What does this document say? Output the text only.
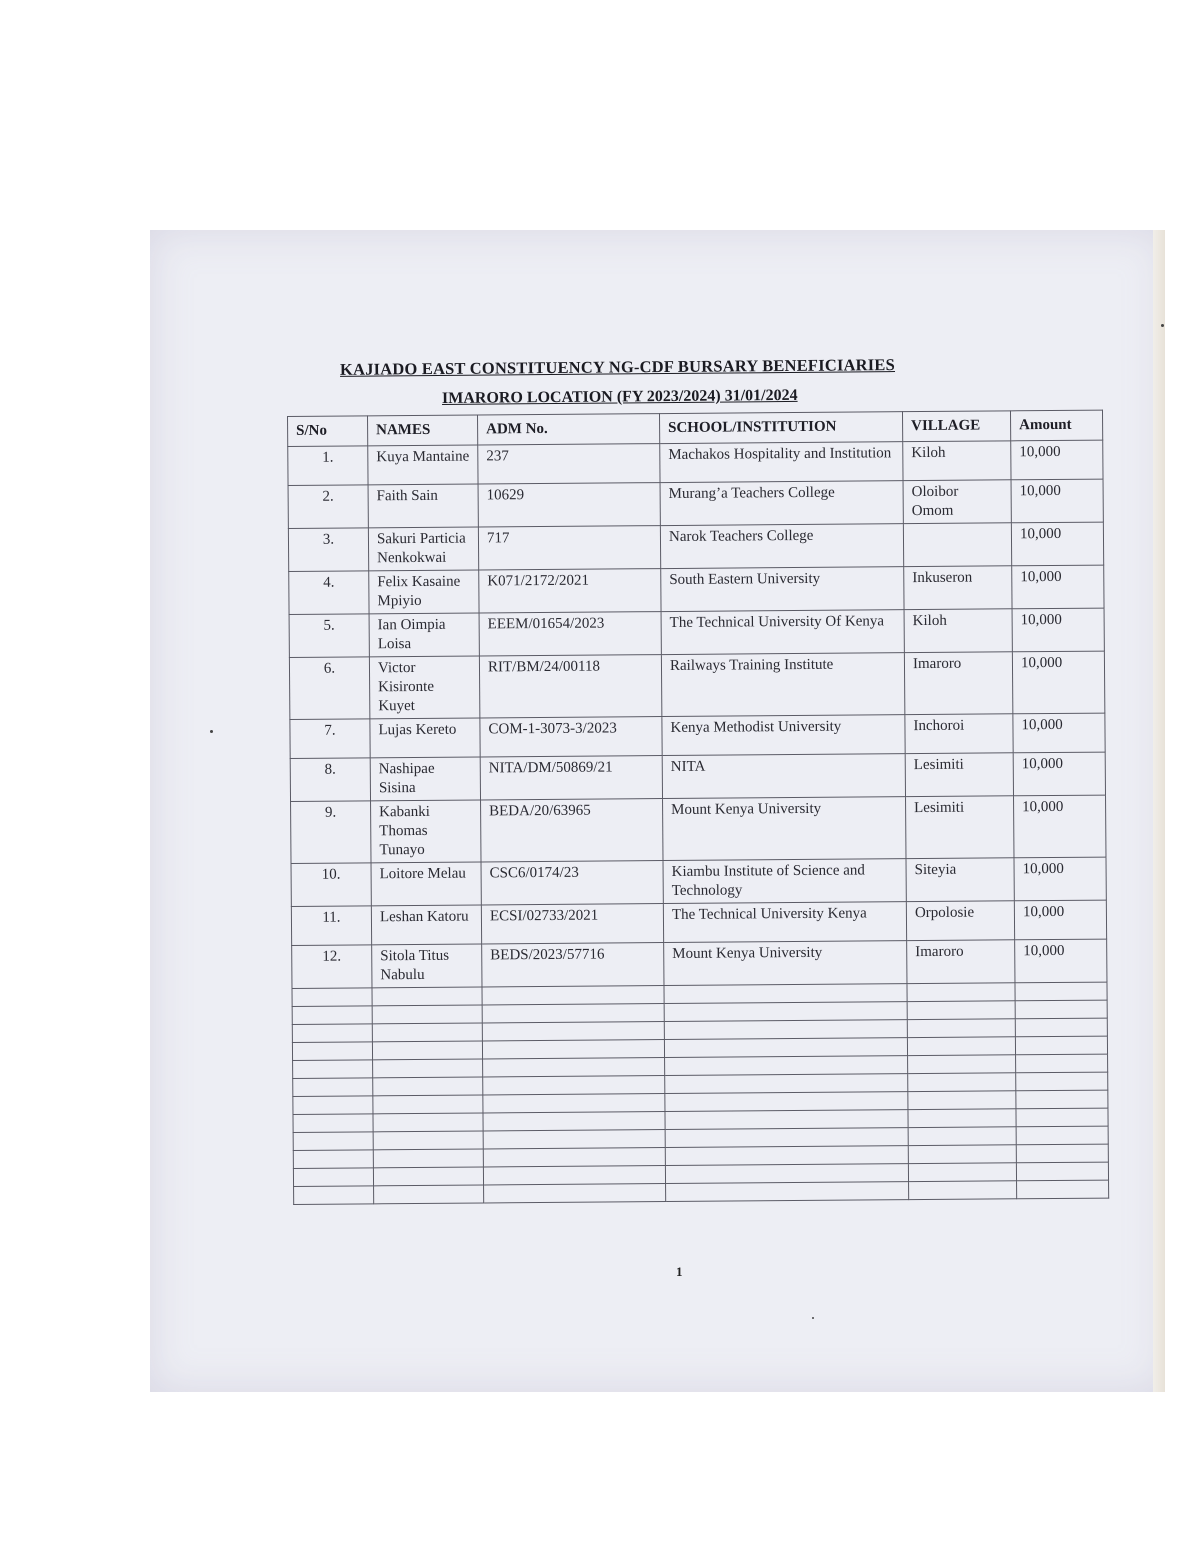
KAJIADO EAST CONSTITUENCY NG-CDF BURSARY BENEFICIARIES
IMARORO LOCATION (FY 2023/2024) 31/01/2024
S/No	NAMES	ADM No.	SCHOOL/INSTITUTION	VILLAGE	Amount
1.	Kuya Mantaine	237	Machakos Hospitality and Institution	Kiloh	10,000
2.	Faith Sain	10629	Murang’a Teachers College	Oloibor Omom	10,000
3.	Sakuri Particia Nenkokwai	717	Narok Teachers College		10,000
4.	Felix Kasaine Mpiyio	K071/2172/2021	South Eastern University	Inkuseron	10,000
5.	Ian Oimpia Loisa	EEEM/01654/2023	The Technical University Of Kenya	Kiloh	10,000
6.	Victor Kisironte Kuyet	RIT/BM/24/00118	Railways Training Institute	Imaroro	10,000
7.	Lujas Kereto	COM-1-3073-3/2023	Kenya Methodist University	Inchoroi	10,000
8.	Nashipae Sisina	NITA/DM/50869/21	NITA	Lesimiti	10,000
9.	Kabanki Thomas Tunayo	BEDA/20/63965	Mount Kenya University	Lesimiti	10,000
10.	Loitore Melau	CSC6/0174/23	Kiambu Institute of Science and Technology	Siteyia	10,000
11.	Leshan Katoru	ECSI/02733/2021	The Technical University Kenya	Orpolosie	10,000
12.	Sitola Titus Nabulu	BEDS/2023/57716	Mount Kenya University	Imaroro	10,000

1
